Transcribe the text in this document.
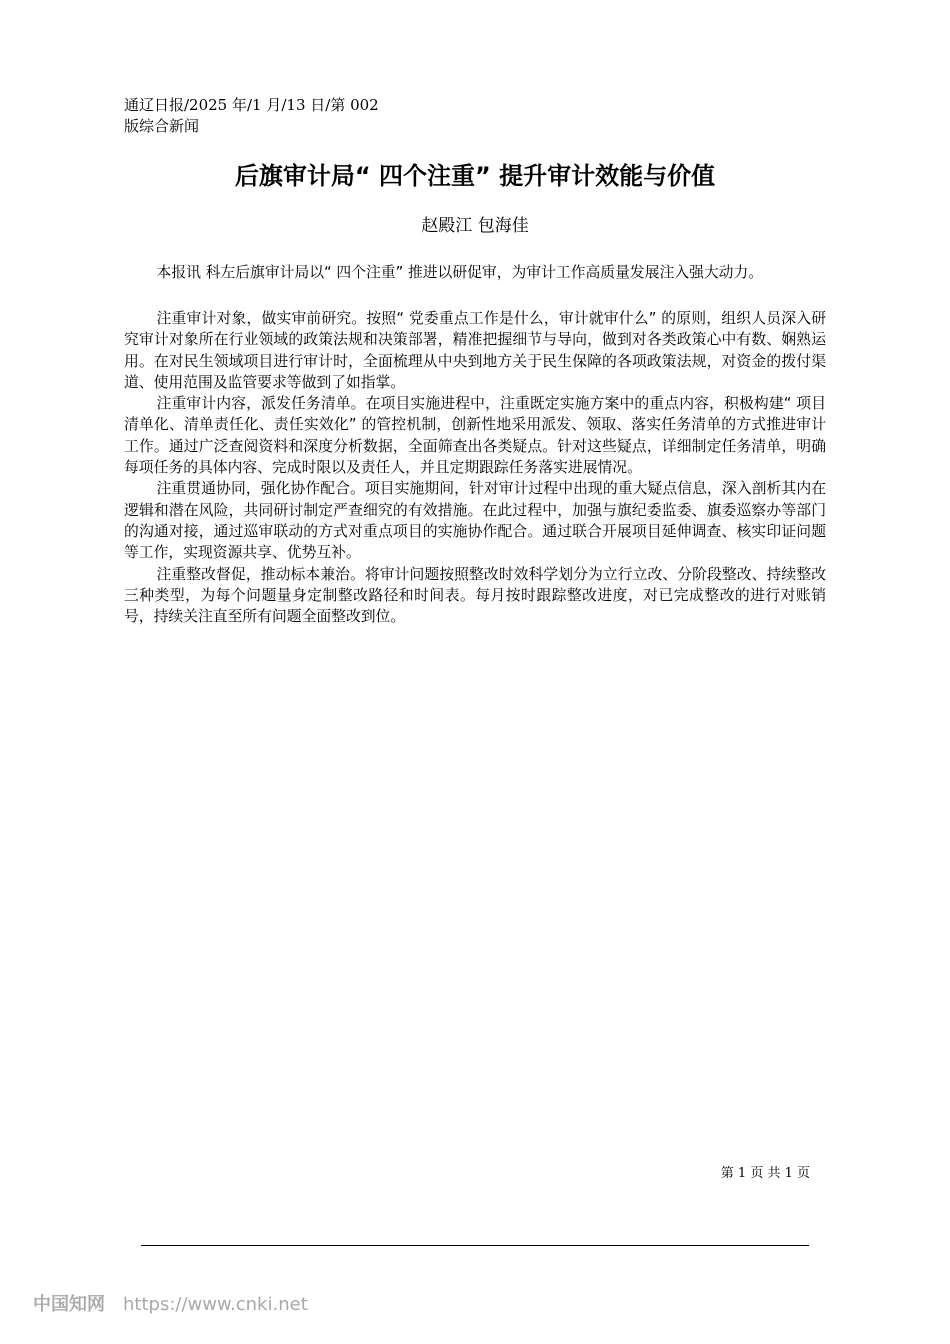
通辽日报/2025 年/1 月/13 日/第 002 版综合新闻
后旗审计局“ 四个注重” 提升审计效能与价值
赵殿江 包海佳

本报讯 科左后旗审计局以“ 四个注重” 推进以研促审，为审计工作高质量发展注入强大动力。

注重审计对象，做实审前研究。按照“ 党委重点工作是什么，审计就审什么” 的原则，组织人员深入研究审计对象所在行业领域的政策法规和决策部署，精准把握细节与导向，做到对各类政策心中有数、娴熟运用。在对民生领域项目进行审计时，全面梳理从中央到地方关于民生保障的各项政策法规，对资金的拨付渠道、使用范围及监管要求等做到了如指掌。

注重审计内容，派发任务清单。在项目实施进程中，注重既定实施方案中的重点内容，积极构建“ 项目清单化、清单责任化、责任实效化” 的管控机制，创新性地采用派发、领取、落实任务清单的方式推进审计工作。通过广泛查阅资料和深度分析数据，全面筛查出各类疑点。针对这些疑点，详细制定任务清单，明确每项任务的具体内容、完成时限以及责任人，并且定期跟踪任务落实进展情况。

注重贯通协同，强化协作配合。项目实施期间，针对审计过程中出现的重大疑点信息，深入剖析其内在逻辑和潜在风险，共同研讨制定严查细究的有效措施。在此过程中，加强与旗纪委监委、旗委巡察办等部门的沟通对接，通过巡审联动的方式对重点项目的实施协作配合。通过联合开展项目延伸调查、核实印证问题等工作，实现资源共享、优势互补。

注重整改督促，推动标本兼治。将审计问题按照整改时效科学划分为立行立改、分阶段整改、持续整改三种类型，为每个问题量身定制整改路径和时间表。每月按时跟踪整改进度，对已完成整改的进行对账销号，持续关注直至所有问题全面整改到位。

第 1 页 共 1 页
中国知网 https://www.cnki.net
